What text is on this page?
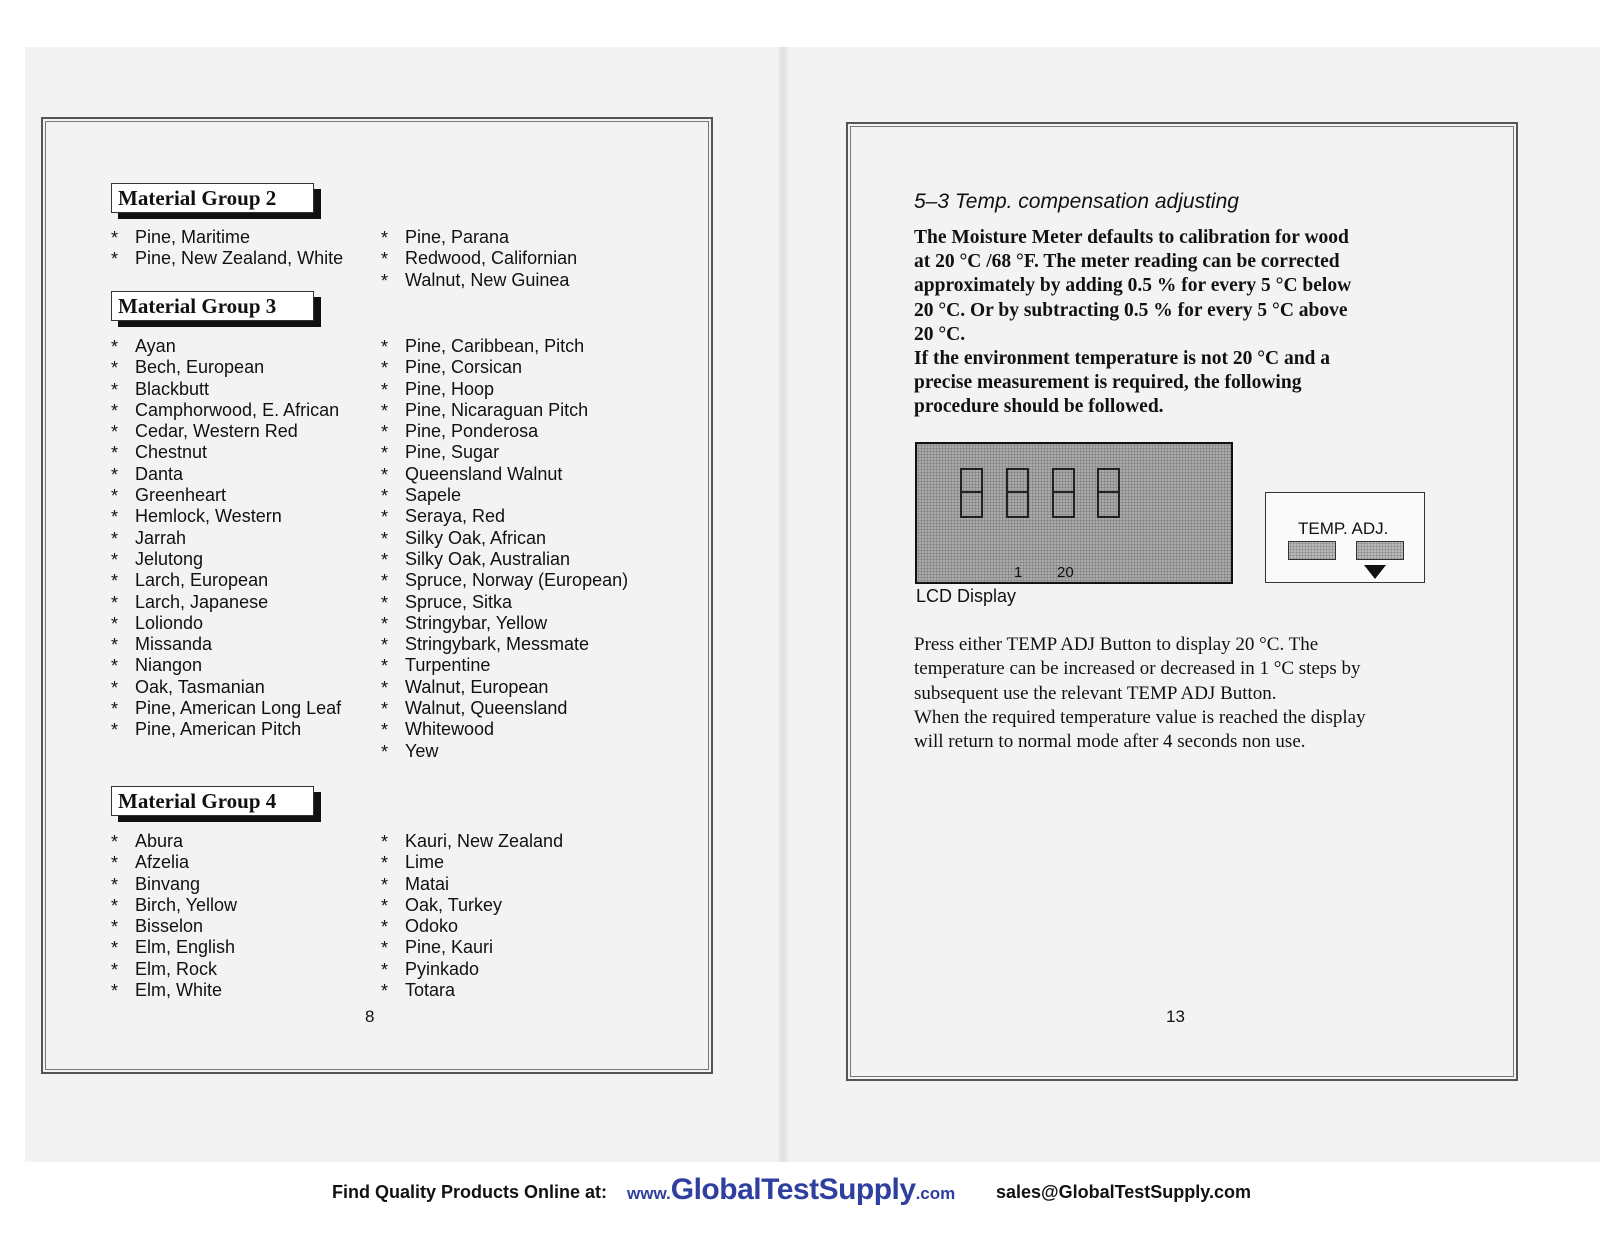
Material Group 2
* Pine, Maritime
* Pine, New Zealand, White
* Pine, Parana
* Redwood, Californian
* Walnut, New Guinea
Material Group 3
* Ayan
* Bech, European
* Blackbutt
* Camphorwood, E. African
* Cedar, Western Red
* Chestnut
* Danta
* Greenheart
* Hemlock, Western
* Jarrah
* Jelutong
* Larch, European
* Larch, Japanese
* Loliondo
* Missanda
* Niangon
* Oak, Tasmanian
* Pine, American Long Leaf
* Pine, American Pitch
* Pine, Caribbean, Pitch
* Pine, Corsican
* Pine, Hoop
* Pine, Nicaraguan Pitch
* Pine, Ponderosa
* Pine, Sugar
* Queensland Walnut
* Sapele
* Seraya, Red
* Silky Oak, African
* Silky Oak, Australian
* Spruce, Norway (European)
* Spruce, Sitka
* Stringybar, Yellow
* Stringybark, Messmate
* Turpentine
* Walnut, European
* Walnut, Queensland
* Whitewood
* Yew
Material Group 4
* Abura
* Afzelia
* Binvang
* Birch, Yellow
* Bisselon
* Elm, English
* Elm, Rock
* Elm, White
* Kauri, New Zealand
* Lime
* Matai
* Oak, Turkey
* Odoko
* Pine, Kauri
* Pyinkado
* Totara
8
5–3 Temp. compensation adjusting
The Moisture Meter defaults to calibration for wood
at 20 °C /68 °F. The meter reading can be corrected
approximately by adding 0.5 % for every 5 °C below
20 °C. Or by subtracting 0.5 % for every 5 °C above
20 °C.
If the environment temperature is not 20 °C and a
precise measurement is required, the following
procedure should be followed.
1 20
LCD Display
TEMP. ADJ.
Press either TEMP ADJ Button to display 20 °C. The
temperature can be increased or decreased in 1 °C steps by
subsequent use the relevant TEMP ADJ Button.
When the required temperature value is reached the display
will return to normal mode after 4 seconds non use.
13
Find Quality Products Online at: www.GlobalTestSupply.com sales@GlobalTestSupply.com
